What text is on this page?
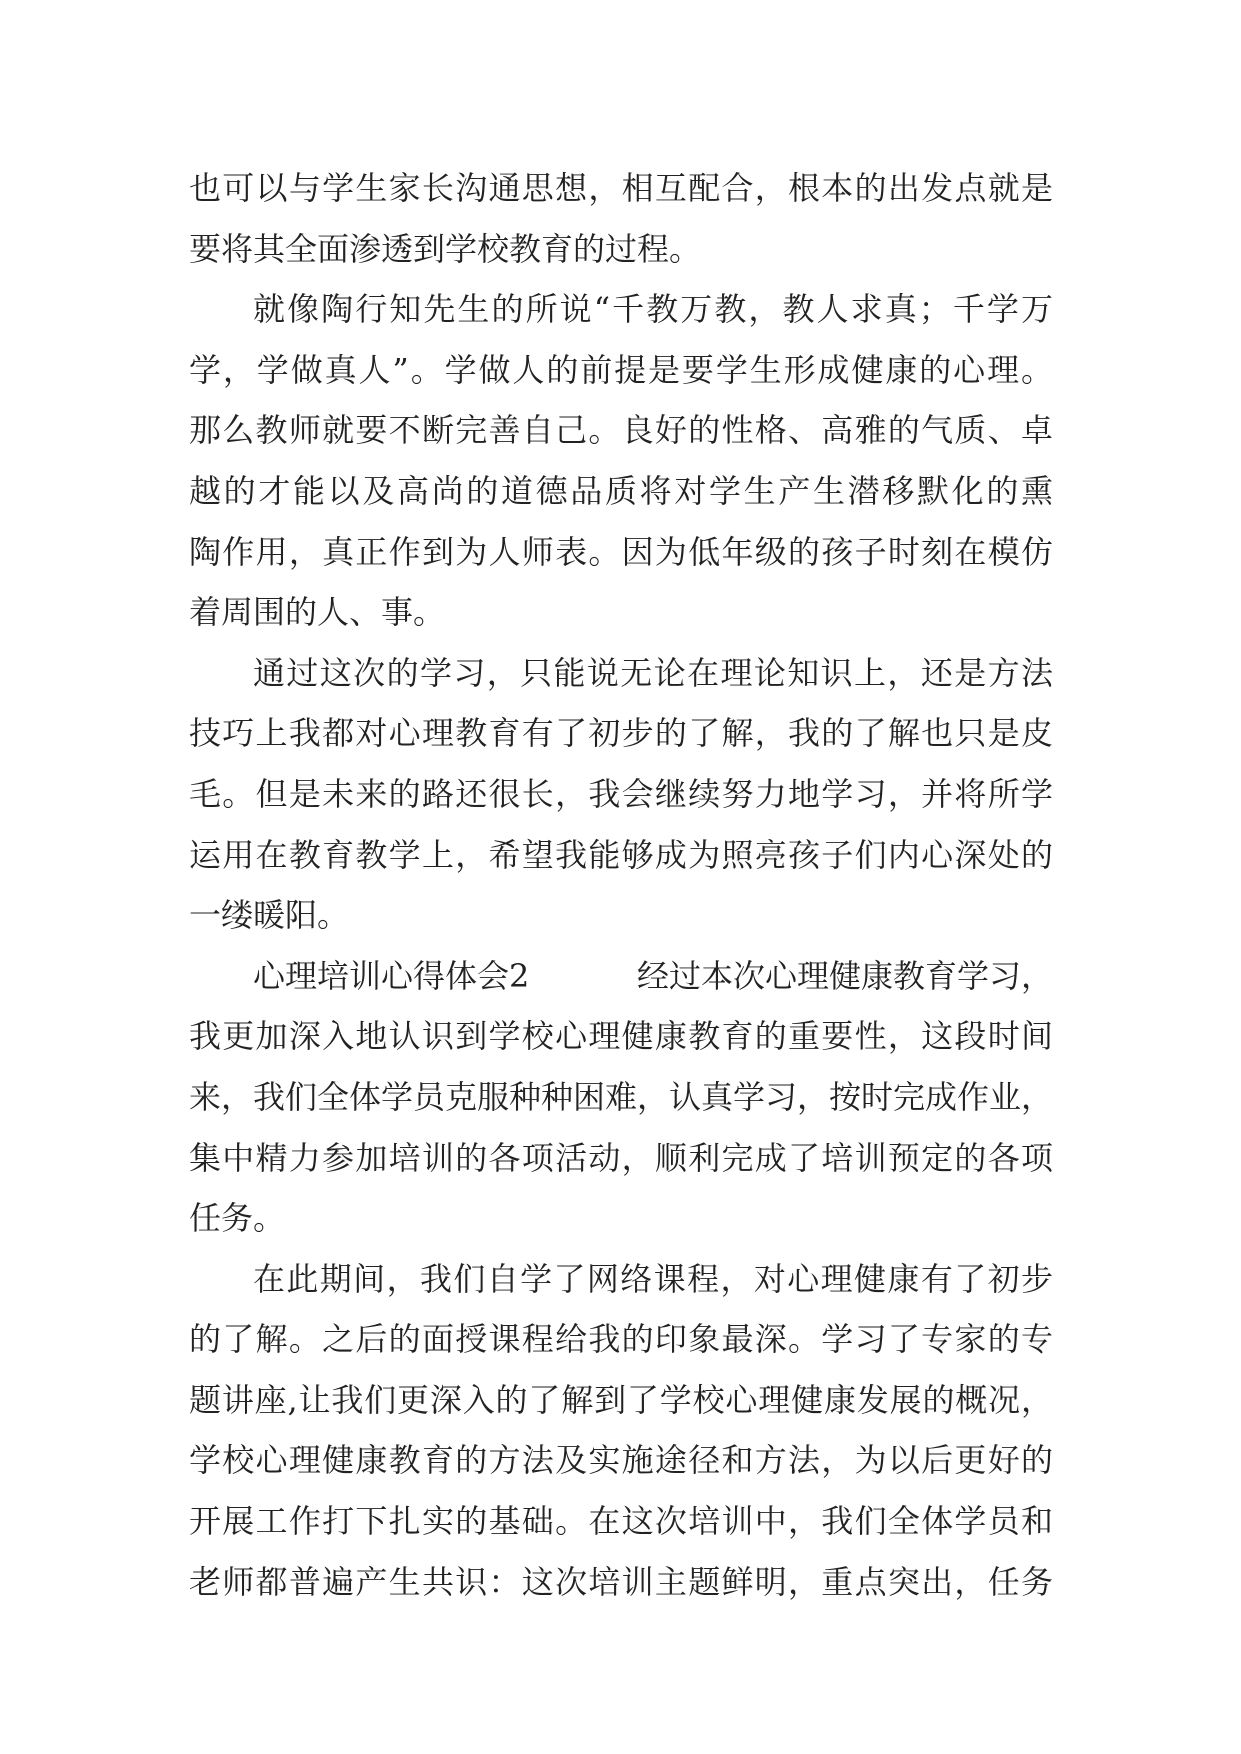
也可以与学生家长沟通思想，相互配合，根本的出发点就是
要将其全面渗透到学校教育的过程。
就像陶行知先生的所说“千教万教，教人求真；千学万
学，学做真人”。学做人的前提是要学生形成健康的心理。
那么教师就要不断完善自己。良好的性格、高雅的气质、卓
越的才能以及高尚的道德品质将对学生产生潜移默化的熏
陶作用，真正作到为人师表。因为低年级的孩子时刻在模仿
着周围的人、事。
通过这次的学习，只能说无论在理论知识上，还是方法
技巧上我都对心理教育有了初步的了解，我的了解也只是皮
毛。但是未来的路还很长，我会继续努力地学习，并将所学
运用在教育教学上，希望我能够成为照亮孩子们内心深处的
一缕暖阳。
心理培训心得体会2	经过本次心理健康教育学习，
我更加深入地认识到学校心理健康教育的重要性，这段时间
来，我们全体学员克服种种困难，认真学习，按时完成作业，
集中精力参加培训的各项活动，顺利完成了培训预定的各项
任务。
在此期间，我们自学了网络课程，对心理健康有了初步
的了解。之后的面授课程给我的印象最深。学习了专家的专
题讲座,让我们更深入的了解到了学校心理健康发展的概况，
学校心理健康教育的方法及实施途径和方法，为以后更好的
开展工作打下扎实的基础。在这次培训中，我们全体学员和
老师都普遍产生共识：这次培训主题鲜明，重点突出，任务
